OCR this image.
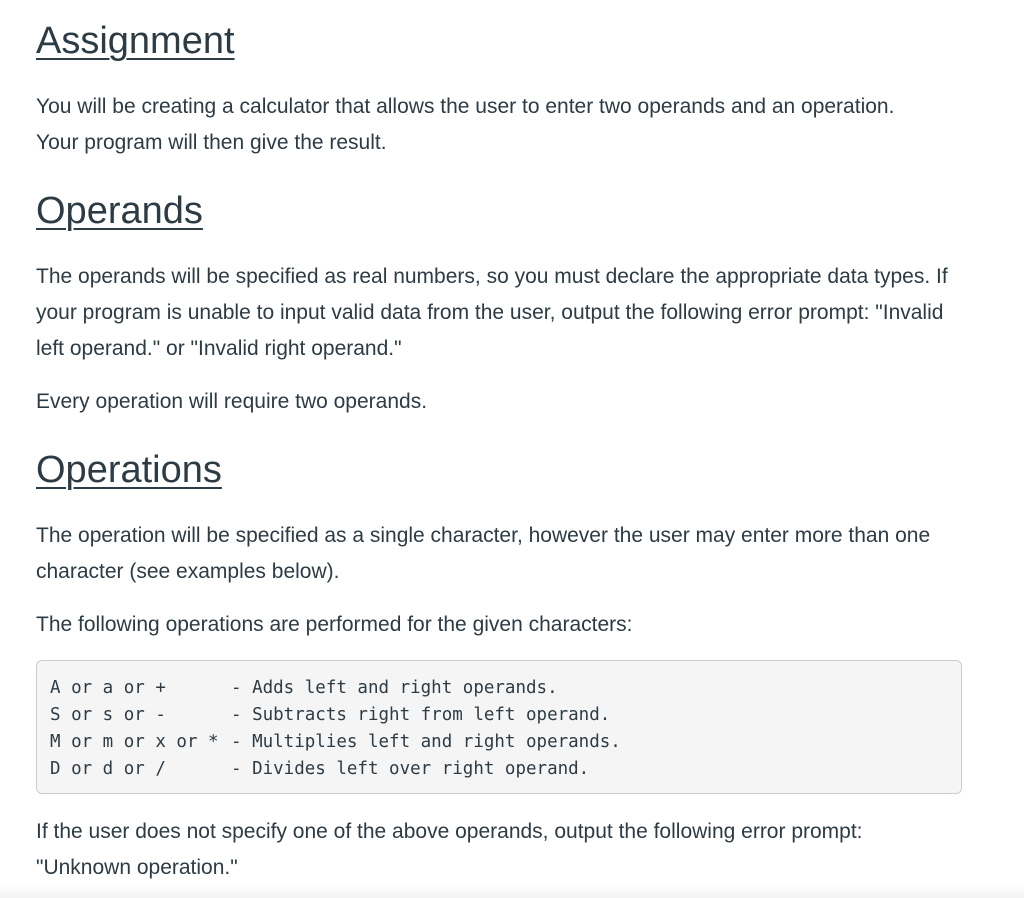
Assignment

You will be creating a calculator that allows the user to enter two operands and an operation. Your program will then give the result.

Operands

The operands will be specified as real numbers, so you must declare the appropriate data types. If your program is unable to input valid data from the user, output the following error prompt: "Invalid left operand." or "Invalid right operand."

Every operation will require two operands.

Operations

The operation will be specified as a single character, however the user may enter more than one character (see examples below).

The following operations are performed for the given characters:

A or a or +	- Adds left and right operands.
S or s or -	- Subtracts right from left operand.
M or m or x or * - Multiplies left and right operands.
D or d or /	- Divides left over right operand.

If the user does not specify one of the above operands, output the following error prompt: "Unknown operation."
